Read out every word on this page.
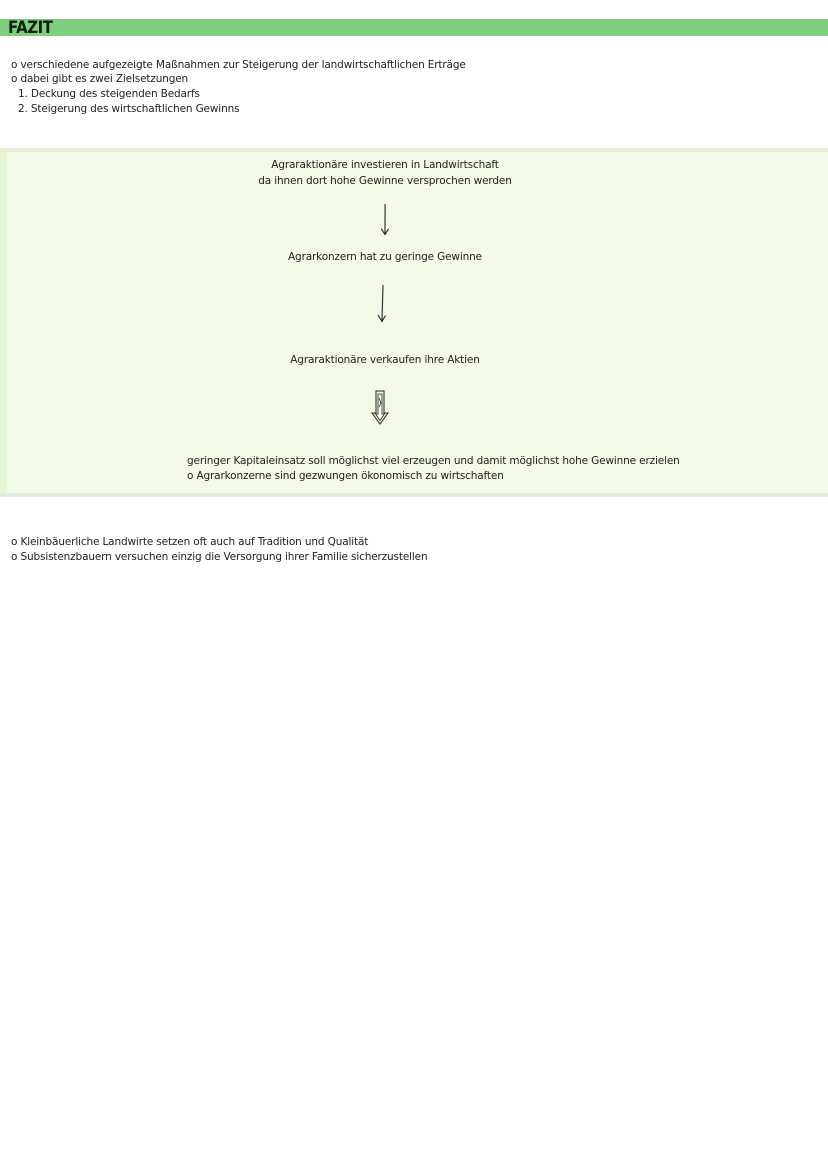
FAZIT
o verschiedene aufgezeigte Maßnahmen zur Steigerung der landwirtschaftlichen Erträge
o dabei gibt es zwei Zielsetzungen
1. Deckung des steigenden Bedarfs
2. Steigerung des wirtschaftlichen Gewinns
Agraraktionäre investieren in Landwirtschaft
da ihnen dort hohe Gewinne versprochen werden
Agrarkonzern hat zu geringe Gewinne
Agraraktionäre verkaufen ihre Aktien
geringer Kapitaleinsatz soll möglichst viel erzeugen und damit möglichst hohe Gewinne erzielen
o Agrarkonzerne sind gezwungen ökonomisch zu wirtschaften
o Kleinbäuerliche Landwirte setzen oft auch auf Tradition und Qualität
o Subsistenzbauern versuchen einzig die Versorgung ihrer Familie sicherzustellen
